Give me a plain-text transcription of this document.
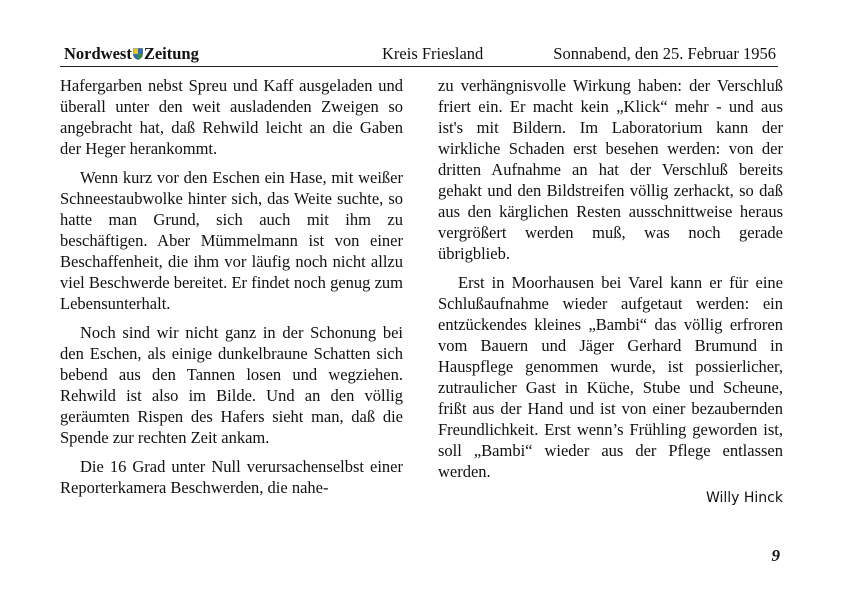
Nordwest Zeitung	Kreis Friesland	Sonnabend, den 25. Februar 1956

Hafergarben nebst Spreu und Kaff ausgeladen und überall unter den weit ausladenden Zweigen so angebracht hat, daß Rehwild leicht an die Gaben der Heger herankommt.

Wenn kurz vor den Eschen ein Hase, mit weißer Schneestaubwolke hinter sich, das Weite suchte, so hatte man Grund, sich auch mit ihm zu beschäftigen. Aber Mümmelmann ist von einer Beschaffenheit, die ihm vor läufig noch nicht allzu viel Beschwerde bereitet. Er findet noch genug zum Lebensunterhalt.

Noch sind wir nicht ganz in der Schonung bei den Eschen, als einige dunkelbraune Schatten sich bebend aus den Tannen losen und wegziehen. Rehwild ist also im Bilde. Und an den völlig geräumten Rispen des Hafers sieht man, daß die Spende zur rechten Zeit ankam.

Die 16 Grad unter Null verursachenselbst einer Reporterkamera Beschwerden, die nahe-

zu verhängnisvolle Wirkung haben: der Verschluß friert ein. Er macht kein „Klick“ mehr - und aus ist's mit Bildern. Im Laboratorium kann der wirkliche Schaden erst besehen werden: von der dritten Aufnahme an hat der Verschluß bereits gehakt und den Bildstreifen völlig zerhackt, so daß aus den kärglichen Resten ausschnittweise heraus vergrößert werden muß, was noch gerade übrigblieb.

Erst in Moorhausen bei Varel kann er für eine Schlußaufnahme wieder aufgetaut werden: ein entzückendes kleines „Bambi“ das völlig erfroren vom Bauern und Jäger Gerhard Brumund in Hauspflege genommen wurde, ist possierlicher, zutraulicher Gast in Küche, Stube und Scheune, frißt aus der Hand und ist von einer bezaubernden Freundlichkeit. Erst wenn’s Frühling geworden ist, soll „Bambi“ wieder aus der Pflege entlassen werden.

Willy Hinck
9
